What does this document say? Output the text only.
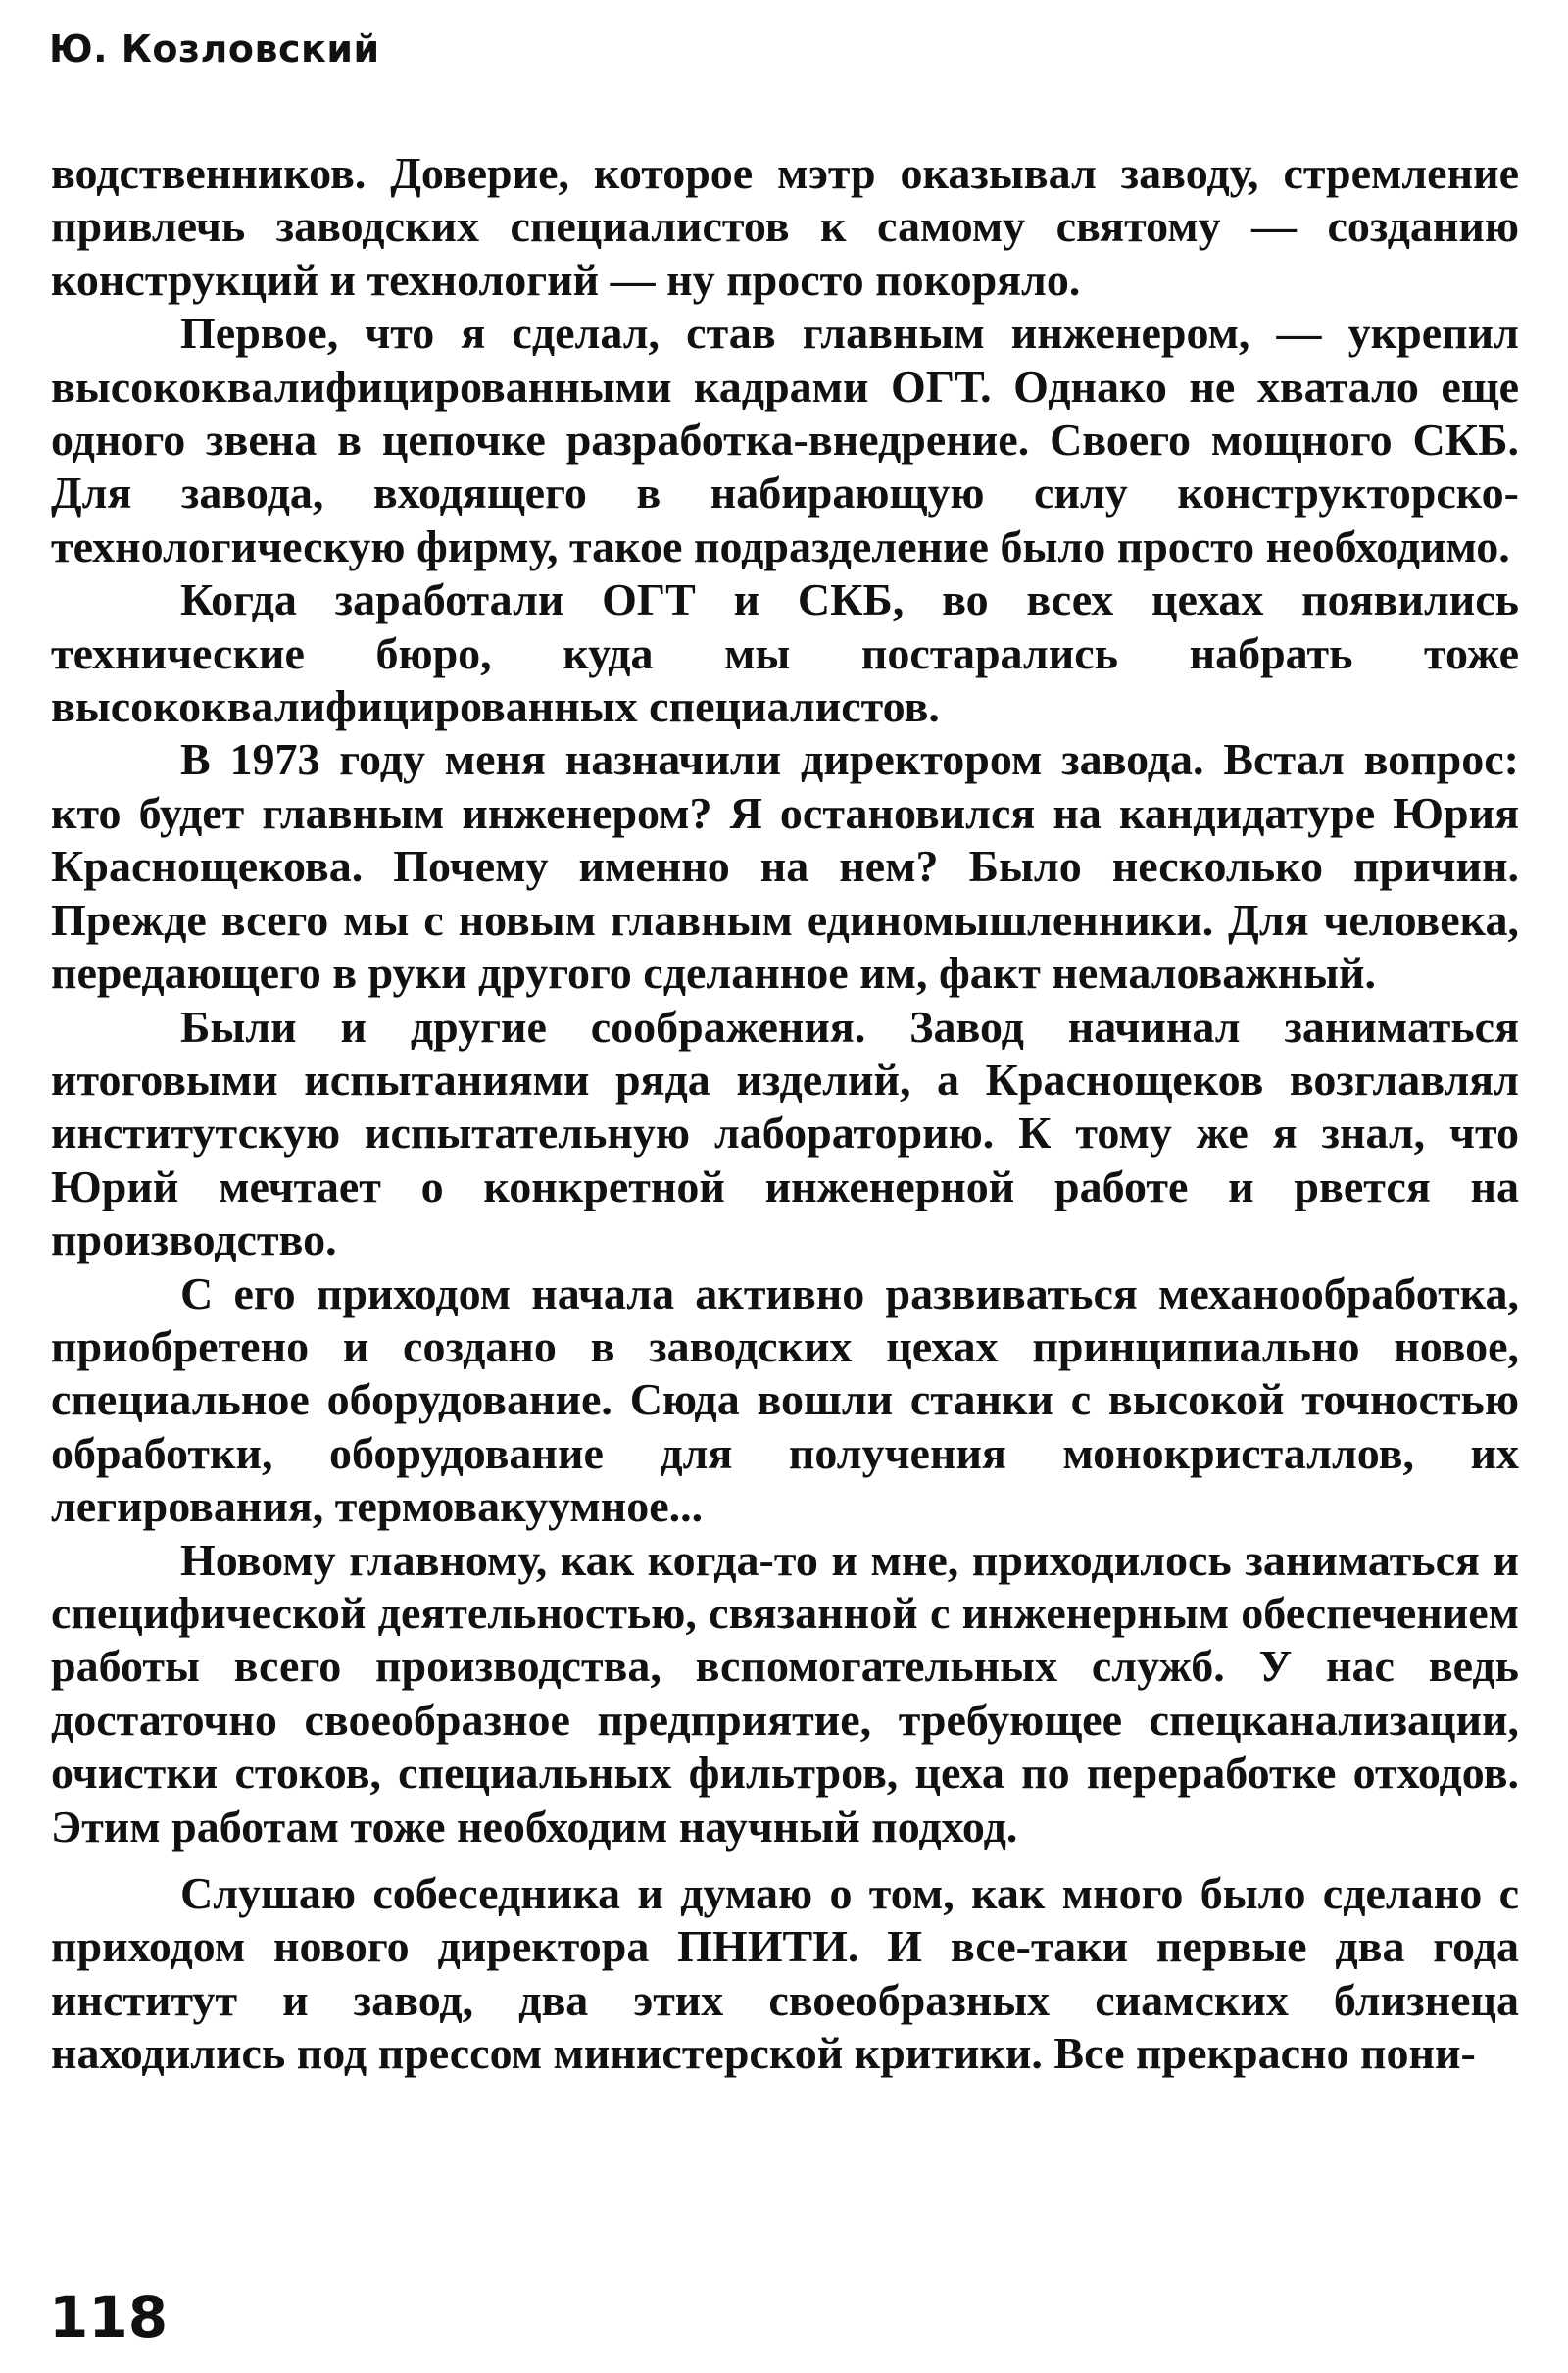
Ю. Козловский

водственников. Доверие, которое мэтр оказывал заводу, стремление привлечь заводских специалистов к самому святому — созданию конструкций и технологий — ну просто покоряло.

Первое, что я сделал, став главным инженером, — укрепил высококвалифицированными кадрами ОГТ. Однако не хватало еще одного звена в цепочке разработка-внедрение. Своего мощного СКБ. Для завода, входящего в набирающую силу конструкторско-технологическую фирму, такое подразделение было просто необходимо.

Когда заработали ОГТ и СКБ, во всех цехах появились технические бюро, куда мы постарались набрать тоже высококвалифицированных специалистов.

В 1973 году меня назначили директором завода. Встал вопрос: кто будет главным инженером? Я остановился на кандидатуре Юрия Краснощекова. Почему именно на нем? Было несколько причин. Прежде всего мы с новым главным единомышленники. Для человека, передающего в руки другого сделанное им, факт немаловажный.

Были и другие соображения. Завод начинал заниматься итоговыми испытаниями ряда изделий, а Краснощеков возглавлял институтскую испытательную лабораторию. К тому же я знал, что Юрий мечтает о конкретной инженерной работе и рвется на производство.

С его приходом начала активно развиваться механообработка, приобретено и создано в заводских цехах принципиально новое, специальное оборудование. Сюда вошли станки с высокой точностью обработки, оборудование для получения монокристаллов, их легирования, термовакуумное...

Новому главному, как когда-то и мне, приходилось заниматься и специфической деятельностью, связанной с инженерным обеспечением работы всего производства, вспомогательных служб. У нас ведь достаточно своеобразное предприятие, требующее спецканализации, очистки стоков, специальных фильтров, цеха по переработке отходов. Этим работам тоже необходим научный подход.

Слушаю собеседника и думаю о том, как много было сделано с приходом нового директора ПНИТИ. И все-таки первые два года институт и завод, два этих своеобразных сиамских близнеца находились под прессом министерской критики. Все прекрасно пони-

118
